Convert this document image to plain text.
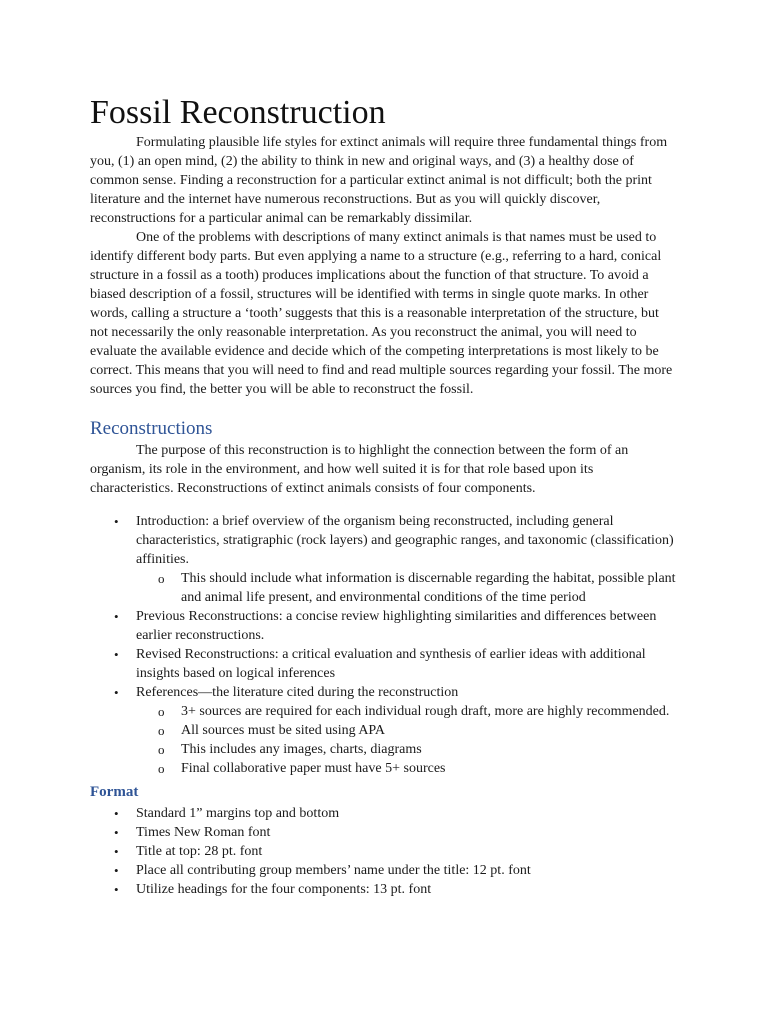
Fossil Reconstruction

Formulating plausible life styles for extinct animals will require three fundamental things from you, (1) an open mind, (2) the ability to think in new and original ways, and (3) a healthy dose of common sense. Finding a reconstruction for a particular extinct animal is not difficult; both the print literature and the internet have numerous reconstructions. But as you will quickly discover, reconstructions for a particular animal can be remarkably dissimilar.

One of the problems with descriptions of many extinct animals is that names must be used to identify different body parts. But even applying a name to a structure (e.g., referring to a hard, conical structure in a fossil as a tooth) produces implications about the function of that structure. To avoid a biased description of a fossil, structures will be identified with terms in single quote marks. In other words, calling a structure a ‘tooth’ suggests that this is a reasonable interpretation of the structure, but not necessarily the only reasonable interpretation. As you reconstruct the animal, you will need to evaluate the available evidence and decide which of the competing interpretations is most likely to be correct. This means that you will need to find and read multiple sources regarding your fossil. The more sources you find, the better you will be able to reconstruct the fossil.

Reconstructions

The purpose of this reconstruction is to highlight the connection between the form of an organism, its role in the environment, and how well suited it is for that role based upon its characteristics. Reconstructions of extinct animals consists of four components.

• Introduction: a brief overview of the organism being reconstructed, including general characteristics, stratigraphic (rock layers) and geographic ranges, and taxonomic (classification) affinities.
o This should include what information is discernable regarding the habitat, possible plant and animal life present, and environmental conditions of the time period
• Previous Reconstructions: a concise review highlighting similarities and differences between earlier reconstructions.
• Revised Reconstructions: a critical evaluation and synthesis of earlier ideas with additional insights based on logical inferences
• References—the literature cited during the reconstruction
o 3+ sources are required for each individual rough draft, more are highly recommended.
o All sources must be sited using APA
o This includes any images, charts, diagrams
o Final collaborative paper must have 5+ sources
Format
• Standard 1” margins top and bottom
• Times New Roman font
• Title at top: 28 pt. font
• Place all contributing group members’ name under the title: 12 pt. font
• Utilize headings for the four components: 13 pt. font
